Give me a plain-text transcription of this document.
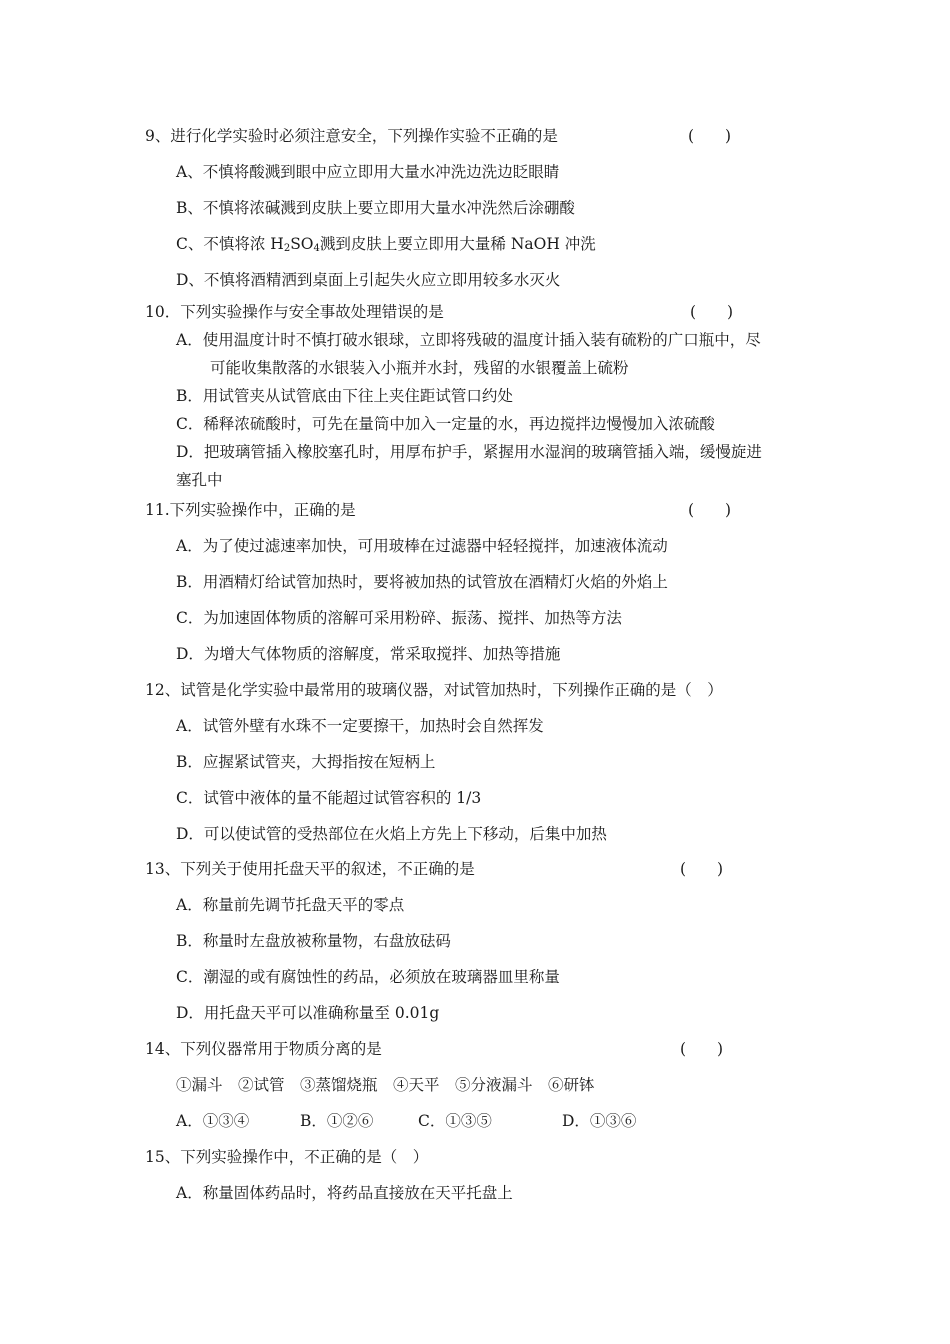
9、进行化学实验时必须注意安全，下列操作实验不正确的是	(　　)
A、不慎将酸溅到眼中应立即用大量水冲洗边洗边眨眼睛
B、不慎将浓碱溅到皮肤上要立即用大量水冲洗然后涂硼酸
C、不慎将浓 $H_2SO_4$溅到皮肤上要立即用大量稀 NaOH 冲洗
D、不慎将酒精洒到桌面上引起失火应立即用较多水灭火
10．下列实验操作与安全事故处理错误的是	(　　)
A．使用温度计时不慎打破水银球，立即将残破的温度计插入装有硫粉的广口瓶中，尽
可能收集散落的水银装入小瓶并水封，残留的水银覆盖上硫粉
B．用试管夹从试管底由下往上夹住距试管口约处
C．稀释浓硫酸时，可先在量筒中加入一定量的水，再边搅拌边慢慢加入浓硫酸
D．把玻璃管插入橡胶塞孔时，用厚布护手，紧握用水湿润的玻璃管插入端，缓慢旋进
塞孔中
11.下列实验操作中，正确的是	(　　)
A．为了使过滤速率加快，可用玻棒在过滤器中轻轻搅拌，加速液体流动
B．用酒精灯给试管加热时，要将被加热的试管放在酒精灯火焰的外焰上
C．为加速固体物质的溶解可采用粉碎、振荡、搅拌、加热等方法
D．为增大气体物质的溶解度，常采取搅拌、加热等措施
12、试管是化学实验中最常用的玻璃仪器，对试管加热时，下列操作正确的是（　）
A．试管外壁有水珠不一定要擦干，加热时会自然挥发
B．应握紧试管夹，大拇指按在短柄上
C．试管中液体的量不能超过试管容积的 1/3
D．可以使试管的受热部位在火焰上方先上下移动，后集中加热
13、下列关于使用托盘天平的叙述，不正确的是	(　　)
A．称量前先调节托盘天平的零点
B．称量时左盘放被称量物，右盘放砝码
C．潮湿的或有腐蚀性的药品，必须放在玻璃器皿里称量
D．用托盘天平可以准确称量至 0.01g
14、下列仪器常用于物质分离的是	(　　)
①漏斗　②试管　③蒸馏烧瓶　④天平　⑤分液漏斗　⑥研钵
A．①③④	B．①②⑥	C．①③⑤	D．①③⑥
15、下列实验操作中，不正确的是（　）
A．称量固体药品时，将药品直接放在天平托盘上
